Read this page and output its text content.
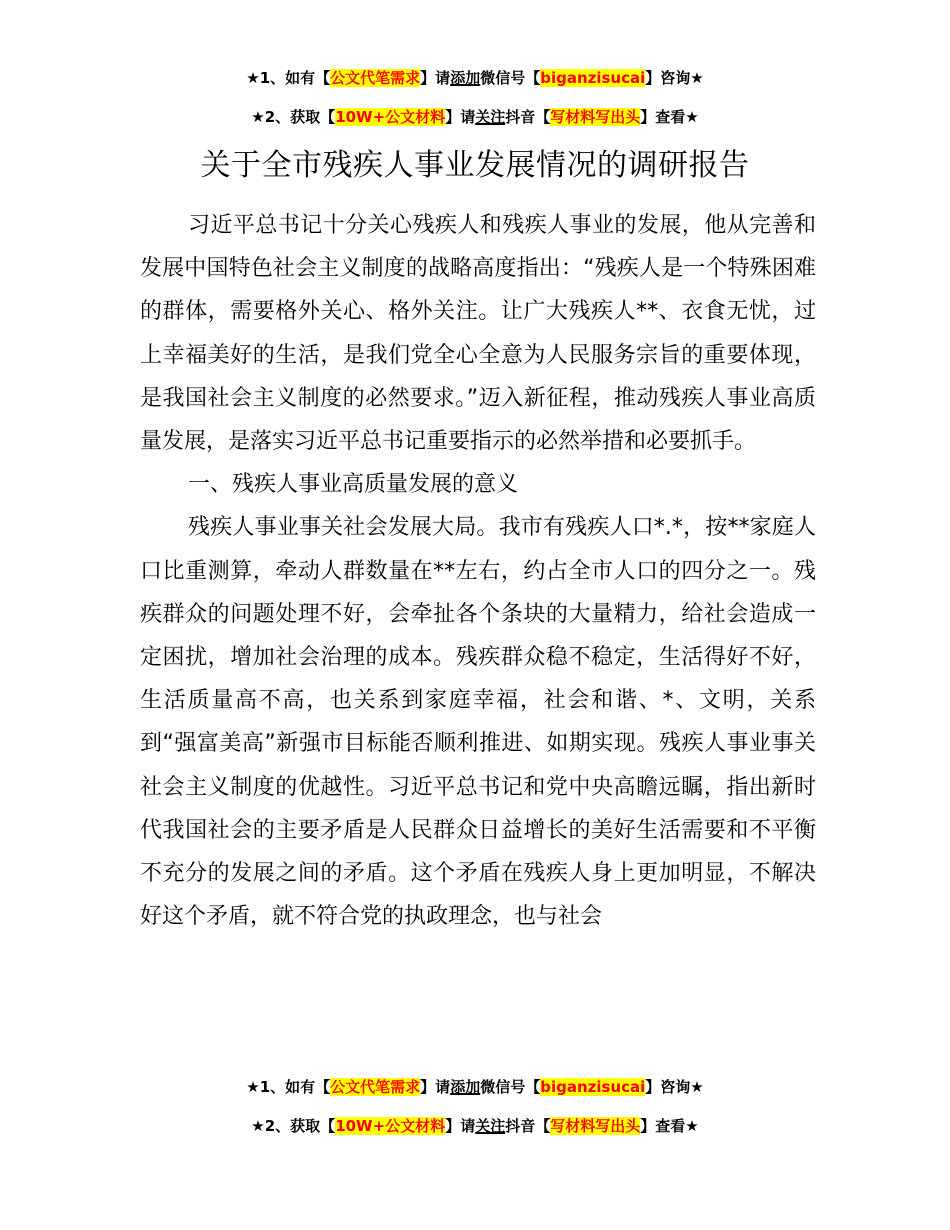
★1、如有【公文代笔需求】请添加微信号【biganzisucai】咨询★
★2、获取【10W+公文材料】请关注抖音【写材料写出头】查看★
关于全市残疾人事业发展情况的调研报告

习近平总书记十分关心残疾人和残疾人事业的发展，他从完善和发展中国特色社会主义制度的战略高度指出：“残疾人是一个特殊困难的群体，需要格外关心、格外关注。让广大残疾人**、衣食无忧，过上幸福美好的生活，是我们党全心全意为人民服务宗旨的重要体现，是我国社会主义制度的必然要求。”迈入新征程，推动残疾人事业高质量发展，是落实习近平总书记重要指示的必然举措和必要抓手。

一、残疾人事业高质量发展的意义

残疾人事业事关社会发展大局。我市有残疾人口*.*，按**家庭人口比重测算，牵动人群数量在**左右，约占全市人口的四分之一。残疾群众的问题处理不好，会牵扯各个条块的大量精力，给社会造成一定困扰，增加社会治理的成本。残疾群众稳不稳定，生活得好不好，生活质量高不高，也关系到家庭幸福，社会和谐、*、文明，关系到“强富美高”新强市目标能否顺利推进、如期实现。残疾人事业事关社会主义制度的优越性。习近平总书记和党中央高瞻远瞩，指出新时代我国社会的主要矛盾是人民群众日益增长的美好生活需要和不平衡不充分的发展之间的矛盾。这个矛盾在残疾人身上更加明显，不解决好这个矛盾，就不符合党的执政理念，也与社会

★1、如有【公文代笔需求】请添加微信号【biganzisucai】咨询★
★2、获取【10W+公文材料】请关注抖音【写材料写出头】查看★
